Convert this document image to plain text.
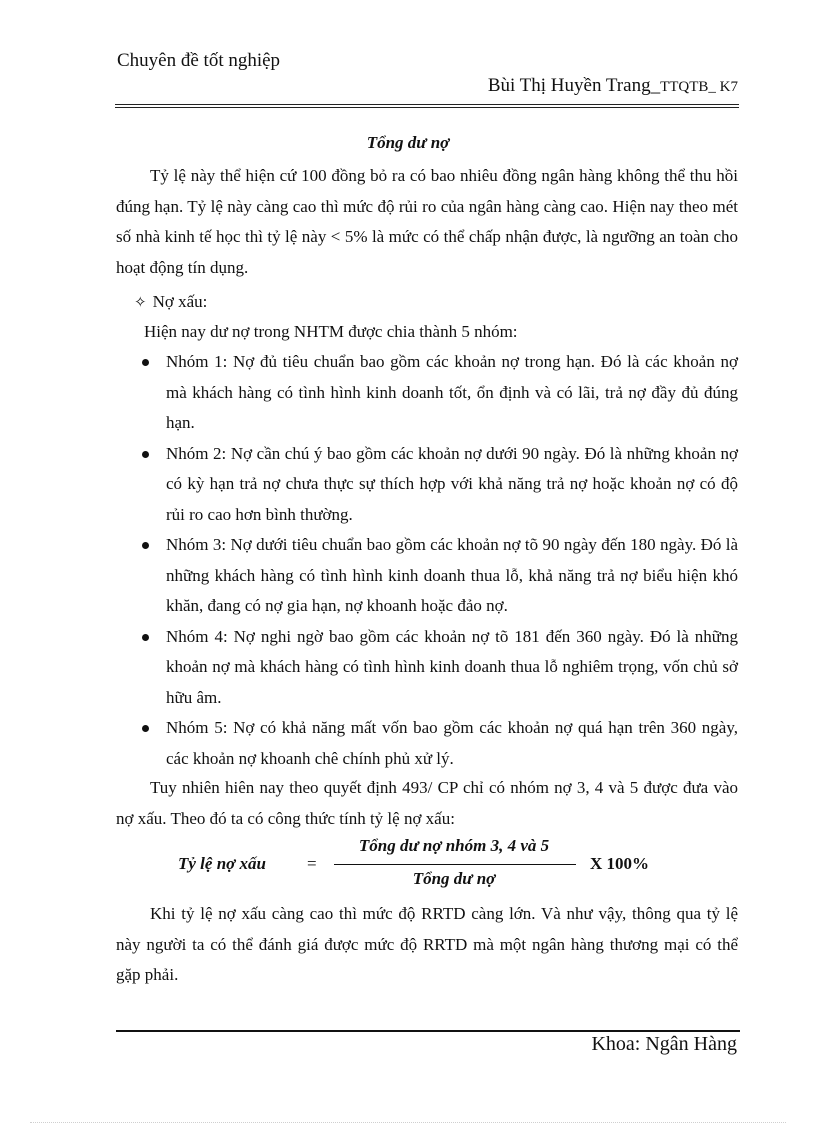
Chuyên đề tốt nghiệp
Bùi Thị Huyền Trang_TTQTB_ K7
Tổng dư nợ

Tỷ lệ này thể hiện cứ 100 đồng bỏ ra có bao nhiêu đồng ngân hàng không thể thu hồi đúng hạn. Tỷ lệ này càng cao thì mức độ rủi ro của ngân hàng càng cao. Hiện nay theo mét số nhà kinh tế học thì tỷ lệ này < 5% là mức có thể chấp nhận được, là ngưỡng an toàn cho hoạt động tín dụng.

✧ Nợ xấu:
Hiện nay dư nợ trong NHTM được chia thành 5 nhóm:
Nhóm 1: Nợ đủ tiêu chuẩn bao gồm các khoản nợ trong hạn. Đó là các khoản nợ mà khách hàng có tình hình kinh doanh tốt, ổn định và có lãi, trả nợ đầy đủ đúng hạn.
Nhóm 2: Nợ cần chú ý bao gồm các khoản nợ dưới 90 ngày. Đó là những khoản nợ có kỳ hạn trả nợ chưa thực sự thích hợp với khả năng trả nợ hoặc khoản nợ có độ rủi ro cao hơn bình thường.
Nhóm 3: Nợ dưới tiêu chuẩn bao gồm các khoản nợ tõ 90 ngày đến 180 ngày. Đó là những khách hàng có tình hình kinh doanh thua lỗ, khả năng trả nợ biểu hiện khó khăn, đang có nợ gia hạn, nợ khoanh hoặc đảo nợ.
Nhóm 4: Nợ nghi ngờ bao gồm các khoản nợ tõ 181 đến 360 ngày. Đó là những khoản nợ mà khách hàng có tình hình kinh doanh thua lỗ nghiêm trọng, vốn chủ sở hữu âm.
Nhóm 5: Nợ có khả năng mất vốn bao gồm các khoản nợ quá hạn trên 360 ngày, các khoản nợ khoanh chê chính phủ xử lý.

Tuy nhiên hiên nay theo quyết định 493/ CP chỉ có nhóm nợ 3, 4 và 5 được đưa vào nợ xấu. Theo đó ta có công thức tính tỷ lệ nợ xấu:

Tỷ lệ nợ xấu =
Tổng dư nợ nhóm 3, 4 và 5
Tổng dư nợ
X 100%

Khi tỷ lệ nợ xấu càng cao thì mức độ RRTD càng lớn. Và như vậy, thông qua tỷ lệ này người ta có thể đánh giá được mức độ RRTD mà một ngân hàng thương mại có thể gặp phải.

Khoa: Ngân Hàng
